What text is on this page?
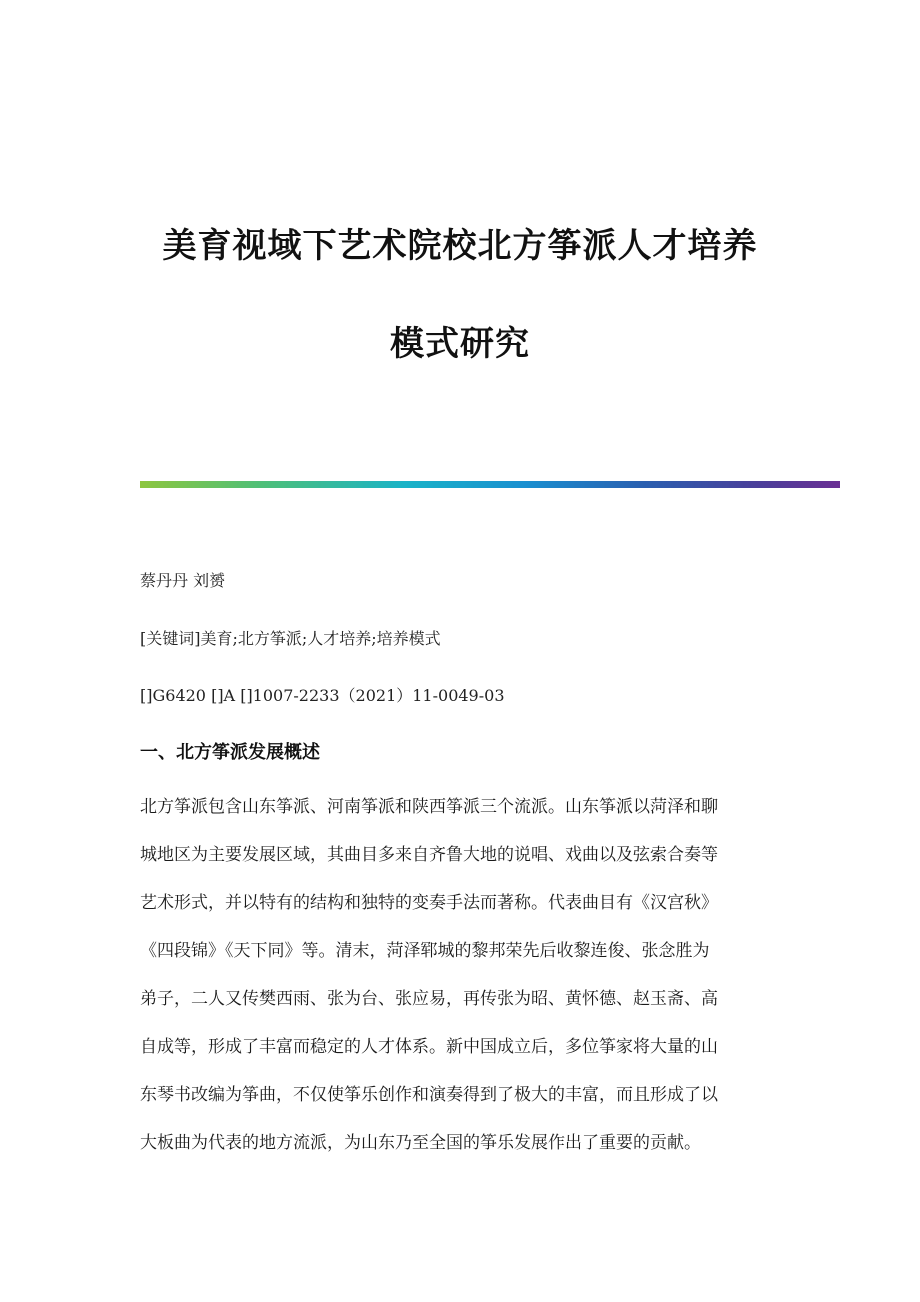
美育视域下艺术院校北方筝派人才培养
模式研究
蔡丹丹 刘赟
[关键词]美育;北方筝派;人才培养;培养模式
[]G6420 []A []1007-2233（2021）11-0049-03
一、北方筝派发展概述
北方筝派包含山东筝派、河南筝派和陕西筝派三个流派。山东筝派以菏泽和聊
城地区为主要发展区域，其曲目多来自齐鲁大地的说唱、戏曲以及弦索合奏等
艺术形式，并以特有的结构和独特的变奏手法而著称。代表曲目有《汉宫秋》
《四段锦》《天下同》等。清末，菏泽郓城的黎邦荣先后收黎连俊、张念胜为
弟子，二人又传樊西雨、张为台、张应易，再传张为昭、黄怀德、赵玉斋、高
自成等，形成了丰富而稳定的人才体系。新中国成立后，多位筝家将大量的山
东琴书改编为筝曲，不仅使筝乐创作和演奏得到了极大的丰富，而且形成了以
大板曲为代表的地方流派，为山东乃至全国的筝乐发展作出了重要的贡献。
